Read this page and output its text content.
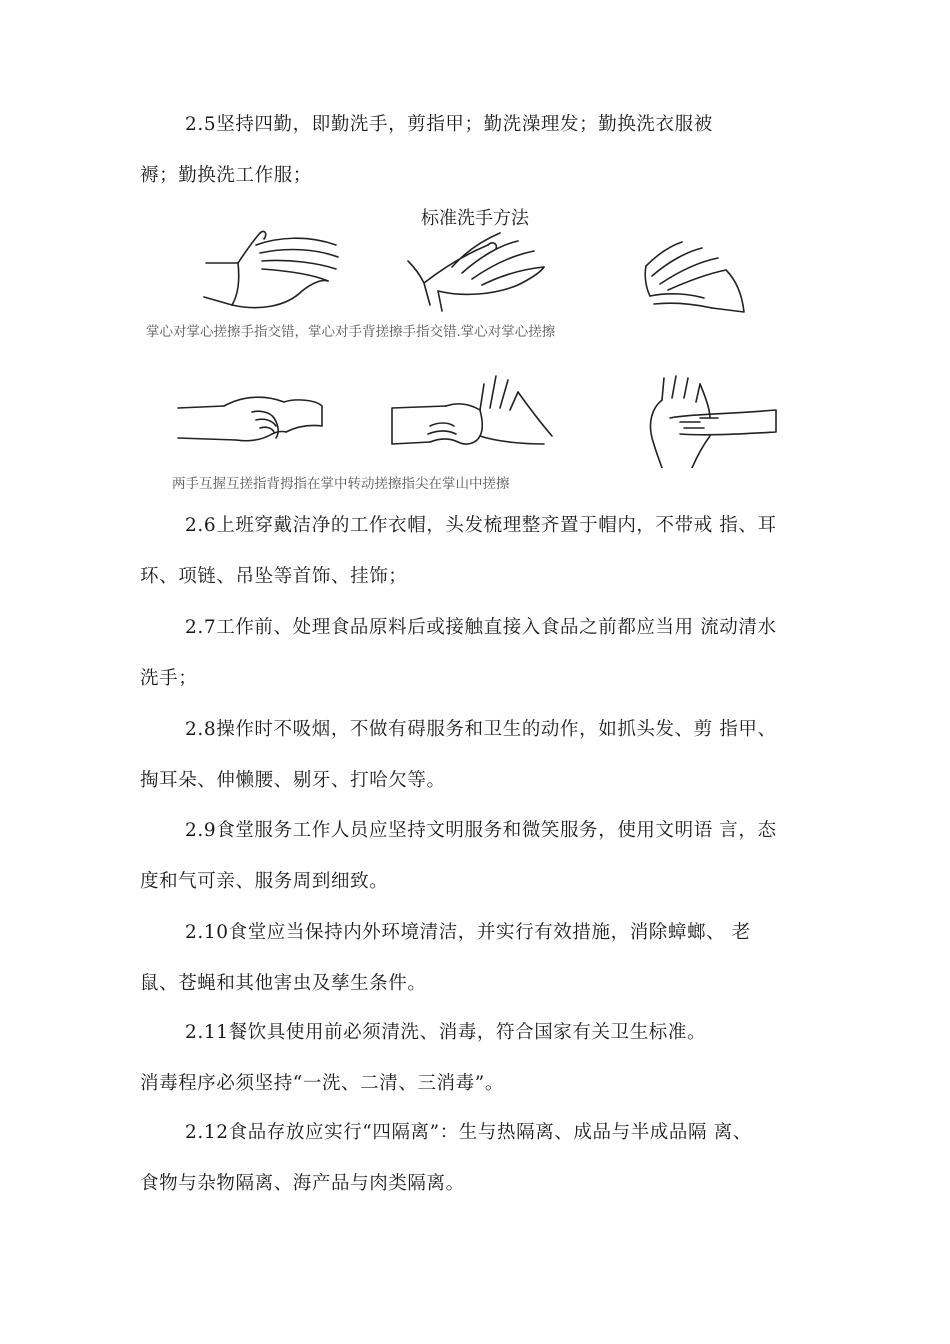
2.5坚持四勤，即勤洗手，剪指甲；勤洗澡理发；勤换洗衣服被
褥；勤换洗工作服；

标准洗手方法
掌心对掌心搓擦手指交错，掌心对手背搓擦手指交错.掌心对掌心搓擦
两手互握互搓指背拇指在掌中转动搓擦指尖在掌山中搓擦

2.6上班穿戴洁净的工作衣帽，头发梳理整齐置于帽内，不带戒 指、耳
环、项链、吊坠等首饰、挂饰；

2.7工作前、处理食品原料后或接触直接入食品之前都应当用 流动清水
洗手；

2.8操作时不吸烟，不做有碍服务和卫生的动作，如抓头发、剪 指甲、
掏耳朵、伸懒腰、剔牙、打哈欠等。

2.9食堂服务工作人员应坚持文明服务和微笑服务，使用文明语 言，态
度和气可亲、服务周到细致。

2.10食堂应当保持内外环境清洁，并实行有效措施，消除蟑螂、 老
鼠、苍蝇和其他害虫及孳生条件。

2.11餐饮具使用前必须清洗、消毒，符合国家有关卫生标准。
消毒程序必须坚持“一洗、二清、三消毒”。

2.12食品存放应实行“四隔离”：生与热隔离、成品与半成品隔 离、
食物与杂物隔离、海产品与肉类隔离。
